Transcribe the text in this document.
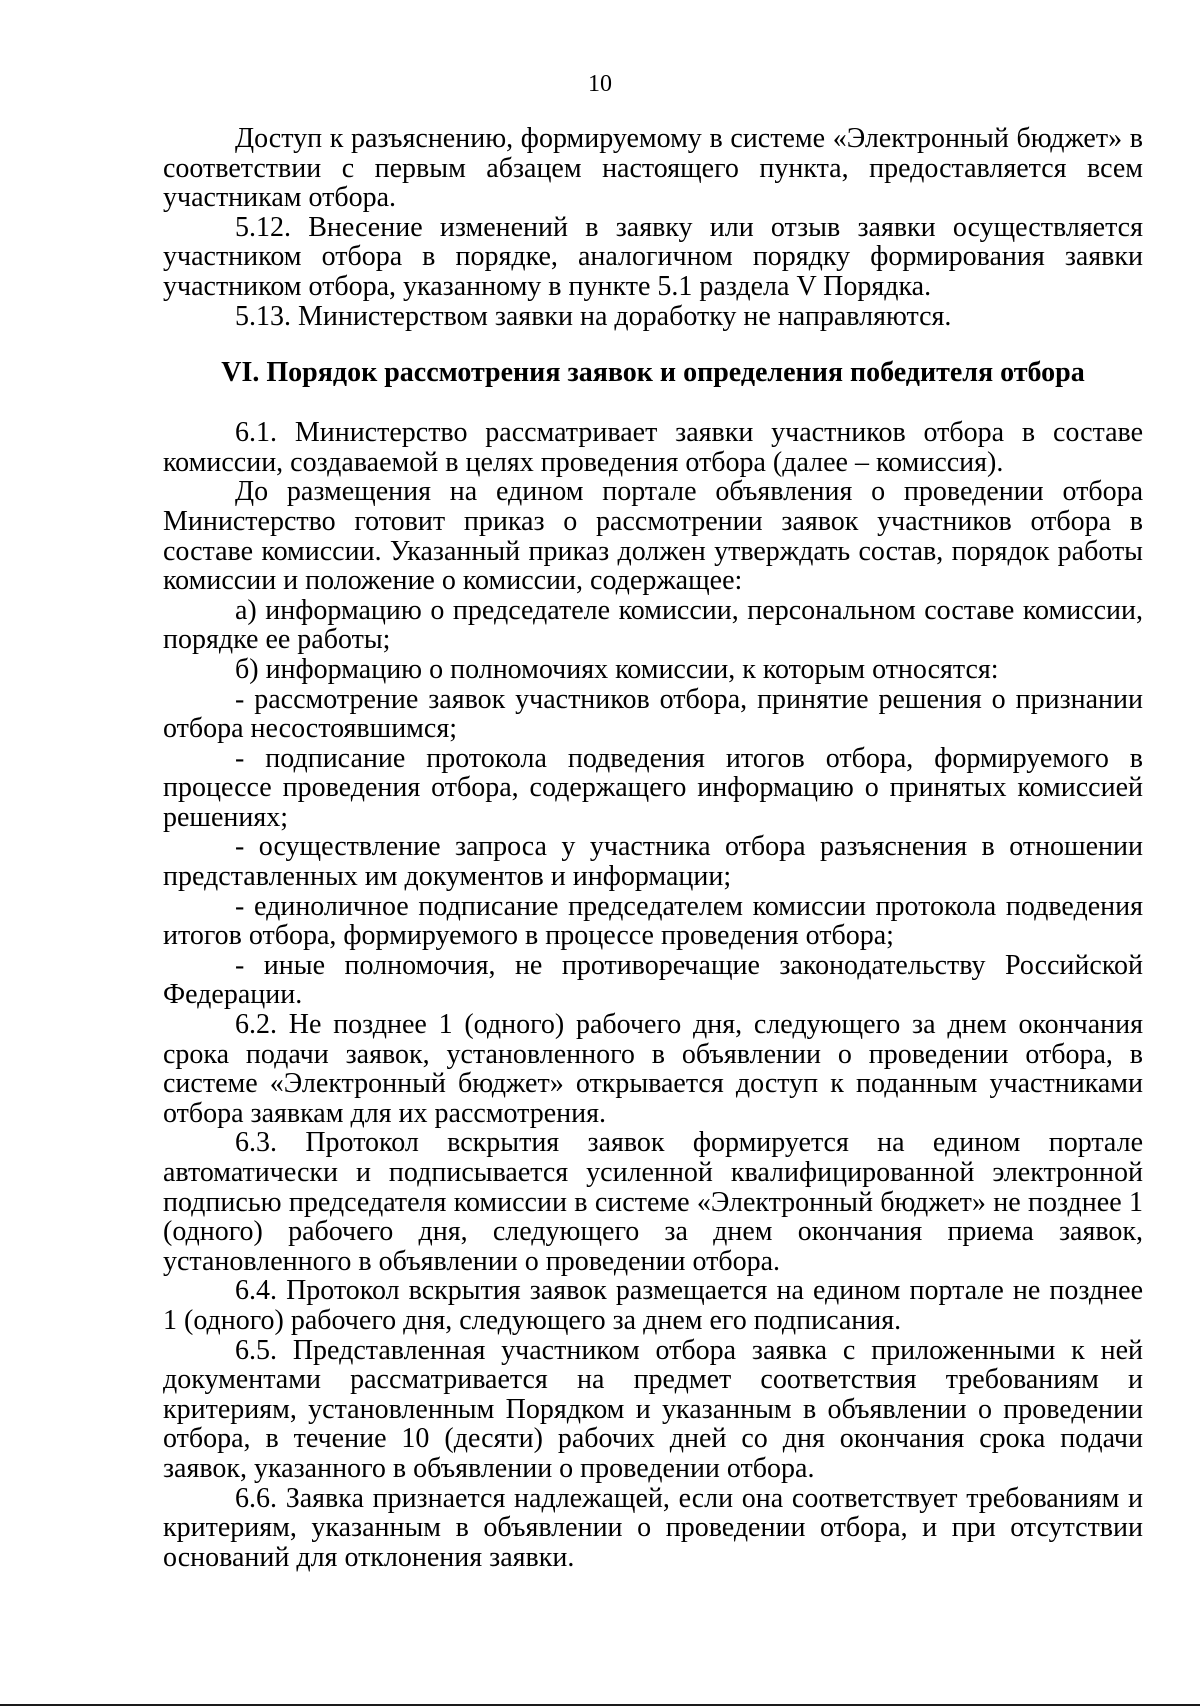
10

Доступ к разъяснению, формируемому в системе «Электронный бюджет» в соответствии с первым абзацем настоящего пункта, предоставляется всем участникам отбора.

5.12. Внесение изменений в заявку или отзыв заявки осуществляется участником отбора в порядке, аналогичном порядку формирования заявки участником отбора, указанному в пункте 5.1 раздела V Порядка.

5.13. Министерством заявки на доработку не направляются.

VI. Порядок рассмотрения заявок и определения победителя отбора

6.1. Министерство рассматривает заявки участников отбора в составе комиссии, создаваемой в целях проведения отбора (далее – комиссия).

До размещения на едином портале объявления о проведении отбора Министерство готовит приказ о рассмотрении заявок участников отбора в составе комиссии. Указанный приказ должен утверждать состав, порядок работы комиссии и положение о комиссии, содержащее:

а) информацию о председателе комиссии, персональном составе комиссии, порядке ее работы;

б) информацию о полномочиях комиссии, к которым относятся:

- рассмотрение заявок участников отбора, принятие решения о признании отбора несостоявшимся;

- подписание протокола подведения итогов отбора, формируемого в процессе проведения отбора, содержащего информацию о принятых комиссией решениях;

- осуществление запроса у участника отбора разъяснения в отношении представленных им документов и информации;

- единоличное подписание председателем комиссии протокола подведения итогов отбора, формируемого в процессе проведения отбора;

- иные полномочия, не противоречащие законодательству Российской Федерации.

6.2. Не позднее 1 (одного) рабочего дня, следующего за днем окончания срока подачи заявок, установленного в объявлении о проведении отбора, в системе «Электронный бюджет» открывается доступ к поданным участниками отбора заявкам для их рассмотрения.

6.3. Протокол вскрытия заявок формируется на едином портале автоматически и подписывается усиленной квалифицированной электронной подписью председателя комиссии в системе «Электронный бюджет» не позднее 1 (одного) рабочего дня, следующего за днем окончания приема заявок, установленного в объявлении о проведении отбора.

6.4. Протокол вскрытия заявок размещается на едином портале не позднее 1 (одного) рабочего дня, следующего за днем его подписания.

6.5. Представленная участником отбора заявка с приложенными к ней документами рассматривается на предмет соответствия требованиям и критериям, установленным Порядком и указанным в объявлении о проведении отбора, в течение 10 (десяти) рабочих дней со дня окончания срока подачи заявок, указанного в объявлении о проведении отбора.

6.6. Заявка признается надлежащей, если она соответствует требованиям и критериям, указанным в объявлении о проведении отбора, и при отсутствии оснований для отклонения заявки.
